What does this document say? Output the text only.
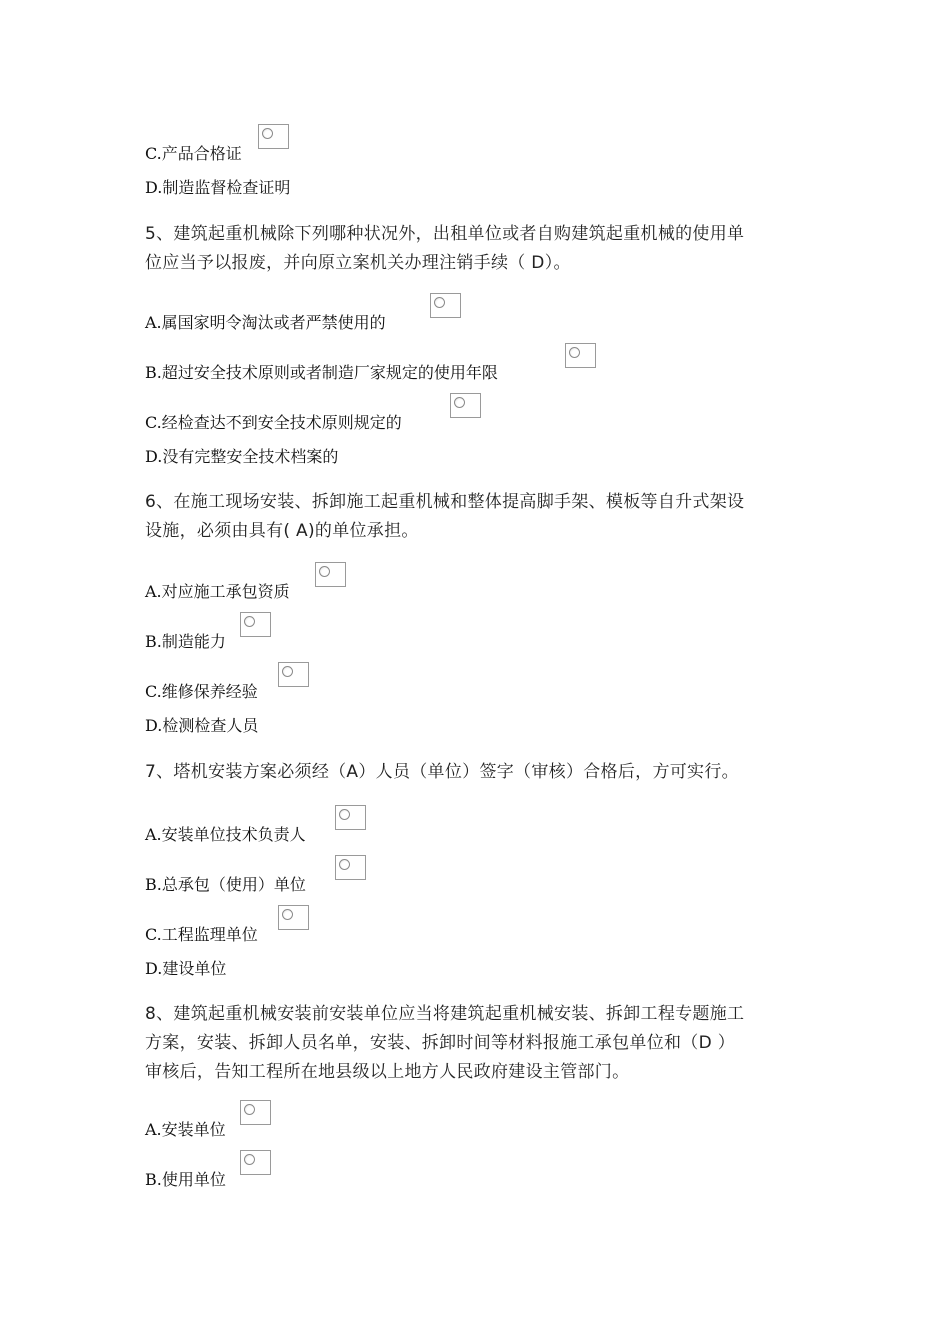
C.产品合格证
D.制造监督检查证明
5、建筑起重机械除下列哪种状况外，出租单位或者自购建筑起重机械的使用单
位应当予以报废，并向原立案机关办理注销手续（ D）。
A.属国家明令淘汰或者严禁使用的
B.超过安全技术原则或者制造厂家规定的使用年限
C.经检查达不到安全技术原则规定的
D.没有完整安全技术档案的
6、在施工现场安装、拆卸施工起重机械和整体提高脚手架、模板等自升式架设
设施，必须由具有( A)的单位承担。
A.对应施工承包资质
B.制造能力
C.维修保养经验
D.检测检查人员
7、塔机安装方案必须经（A）人员（单位）签字（审核）合格后，方可实行。
A.安装单位技术负责人
B.总承包（使用）单位
C.工程监理单位
D.建设单位
8、建筑起重机械安装前安装单位应当将建筑起重机械安装、拆卸工程专题施工
方案，安装、拆卸人员名单，安装、拆卸时间等材料报施工承包单位和（D ）
审核后，告知工程所在地县级以上地方人民政府建设主管部门。
A.安装单位
B.使用单位
